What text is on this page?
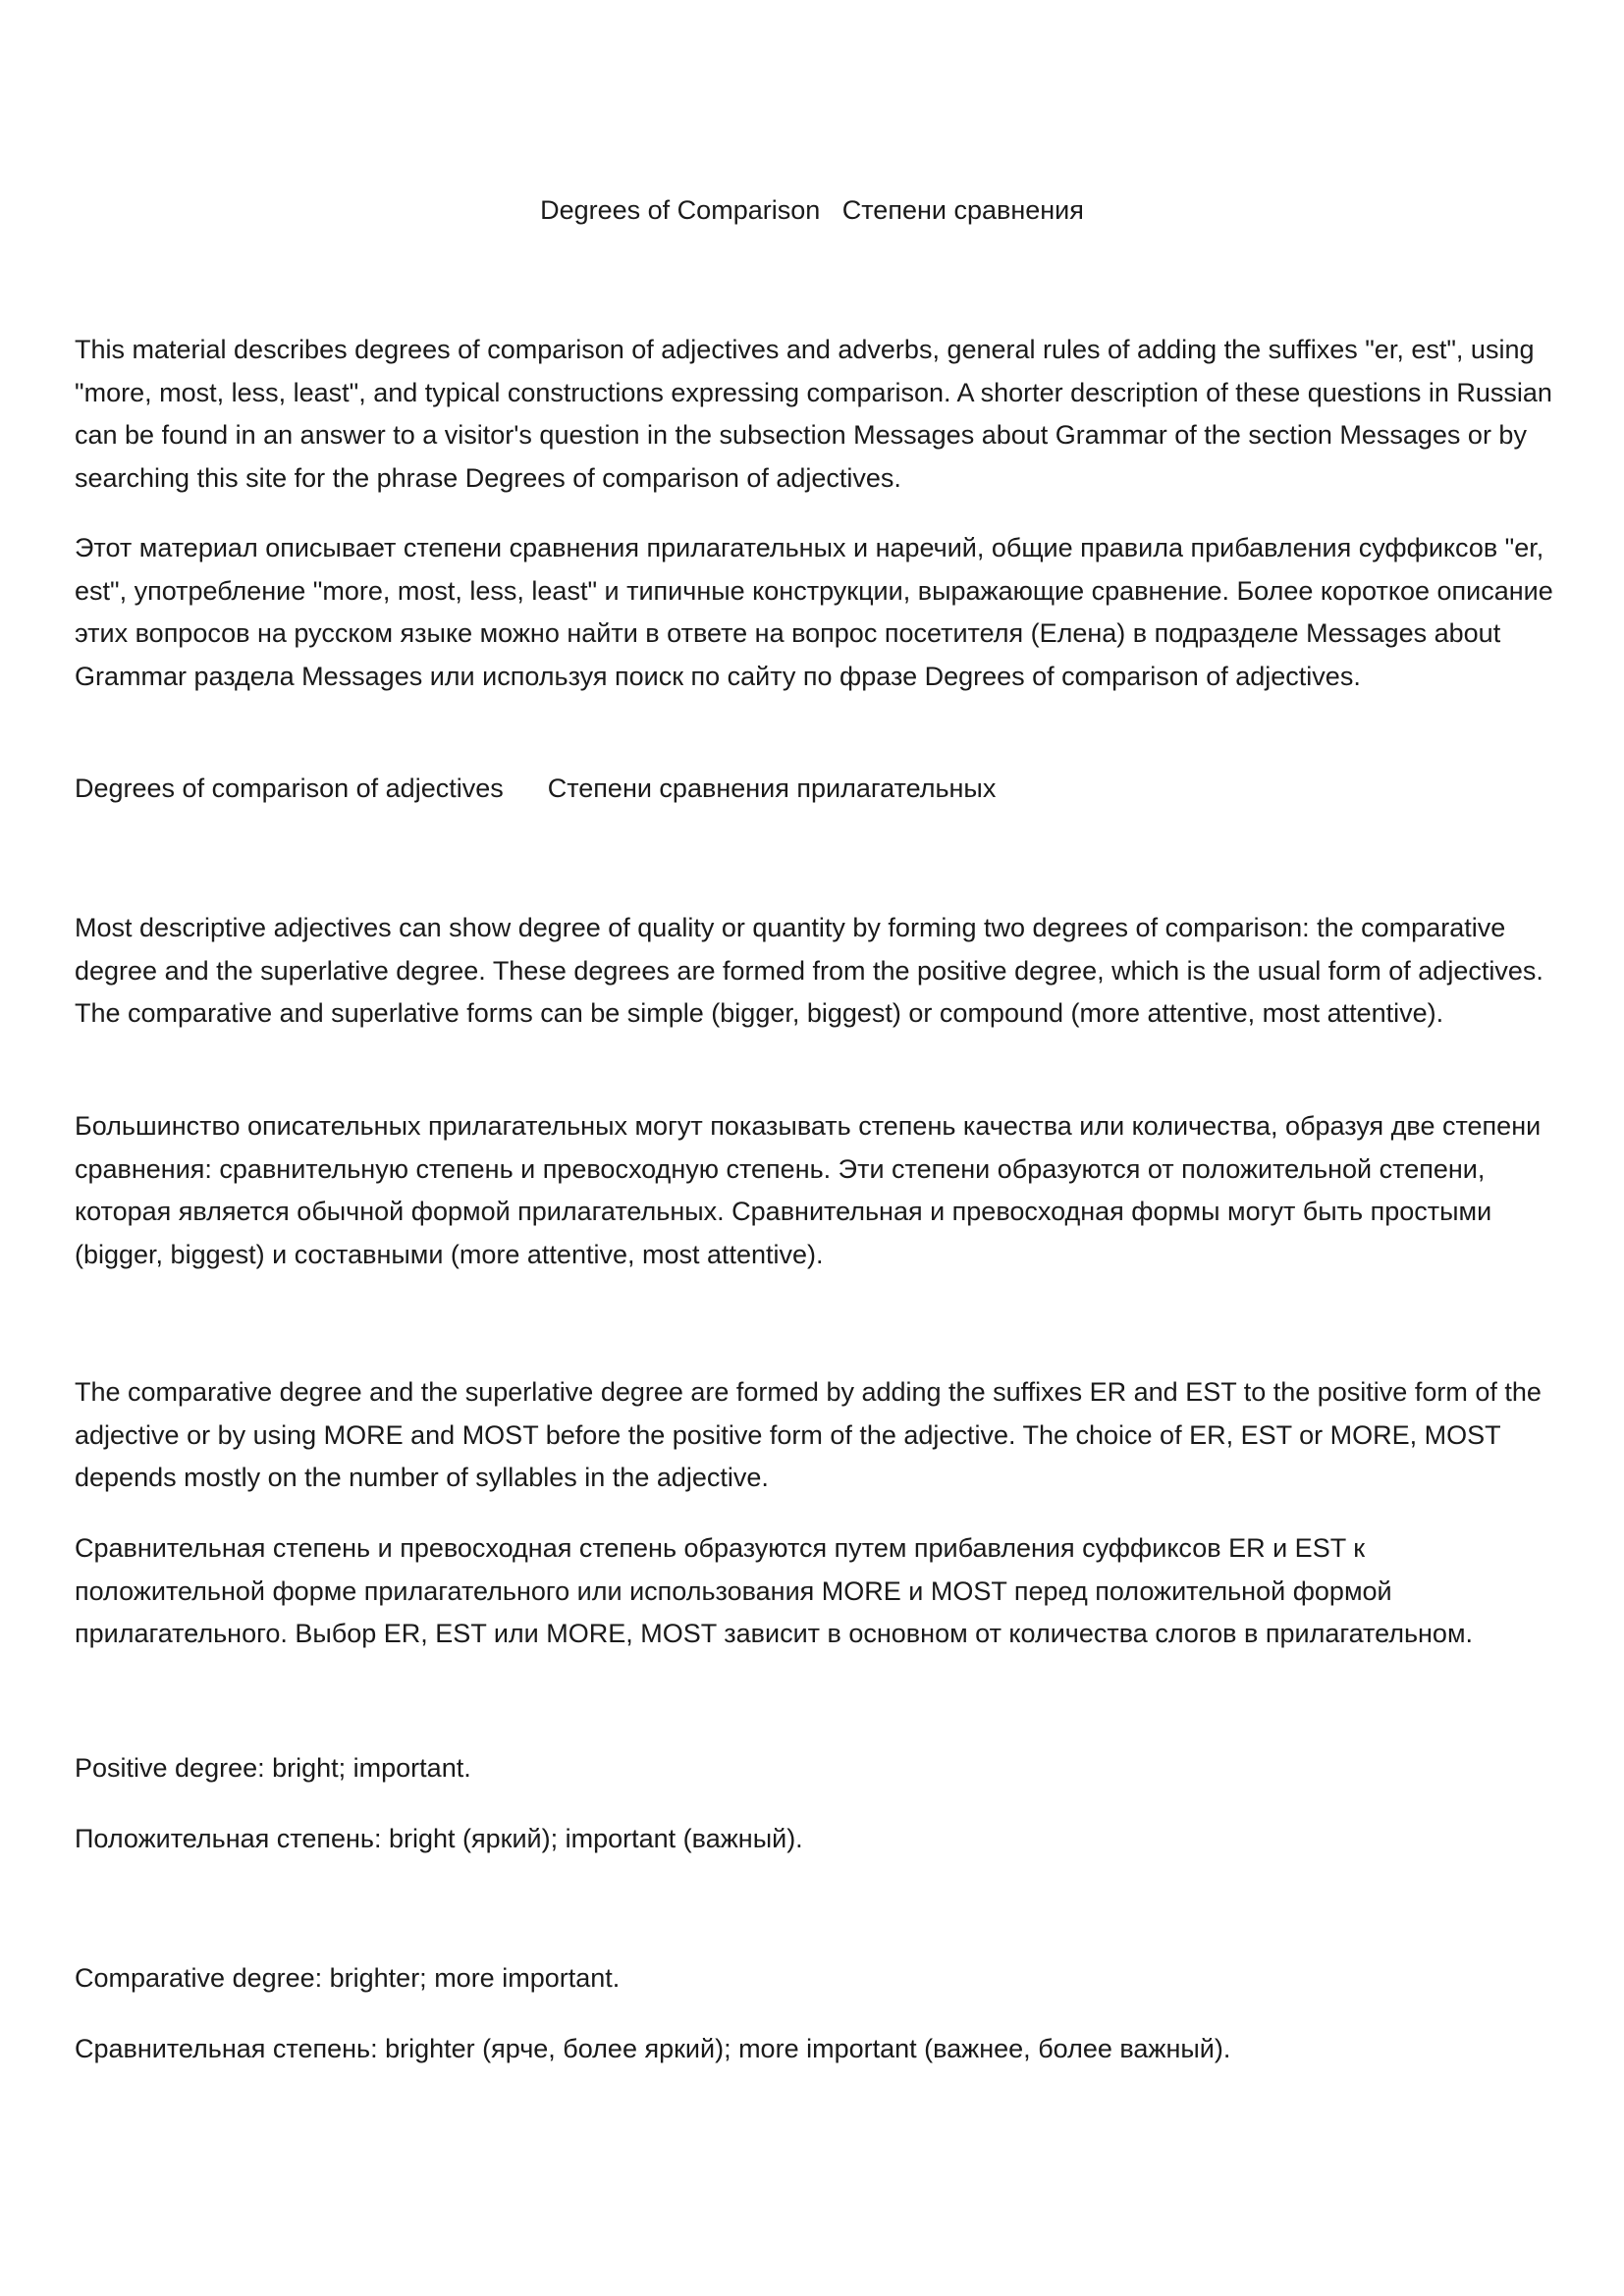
Degrees of Comparison   Степени сравнения

This material describes degrees of comparison of adjectives and adverbs, general rules of adding the suffixes "er, est", using "more, most, less, least", and typical constructions expressing comparison. A shorter description of these questions in Russian can be found in an answer to a visitor's question in the subsection Messages about Grammar of the section Messages or by searching this site for the phrase Degrees of comparison of adjectives.

Этот материал описывает степени сравнения прилагательных и наречий, общие правила прибавления суффиксов "er, est", употребление "more, most, less, least" и типичные конструкции, выражающие сравнение. Более короткое описание этих вопросов на русском языке можно найти в ответе на вопрос посетителя (Елена) в подразделе Messages about Grammar раздела Messages или используя поиск по сайту по фразе Degrees of comparison of adjectives.

Degrees of comparison of adjectives      Степени сравнения прилагательных

Most descriptive adjectives can show degree of quality or quantity by forming two degrees of comparison: the comparative degree and the superlative degree. These degrees are formed from the positive degree, which is the usual form of adjectives. The comparative and superlative forms can be simple (bigger, biggest) or compound (more attentive, most attentive).

Большинство описательных прилагательных могут показывать степень качества или количества, образуя две степени сравнения: сравнительную степень и превосходную степень. Эти степени образуются от положительной степени, которая является обычной формой прилагательных. Сравнительная и превосходная формы могут быть простыми (bigger, biggest) и составными (more attentive, most attentive).

The comparative degree and the superlative degree are formed by adding the suffixes ER and EST to the positive form of the adjective or by using MORE and MOST before the positive form of the adjective. The choice of ER, EST or MORE, MOST depends mostly on the number of syllables in the adjective.

Сравнительная степень и превосходная степень образуются путем прибавления суффиксов ER и EST к положительной форме прилагательного или использования MORE и MOST перед положительной формой прилагательного. Выбор ER, EST или MORE, MOST зависит в основном от количества слогов в прилагательном.

Positive degree: bright; important.

Положительная степень: bright (яркий); important (важный).

Comparative degree: brighter; more important.

Сравнительная степень: brighter (ярче, более яркий); more important (важнее, более важный).
